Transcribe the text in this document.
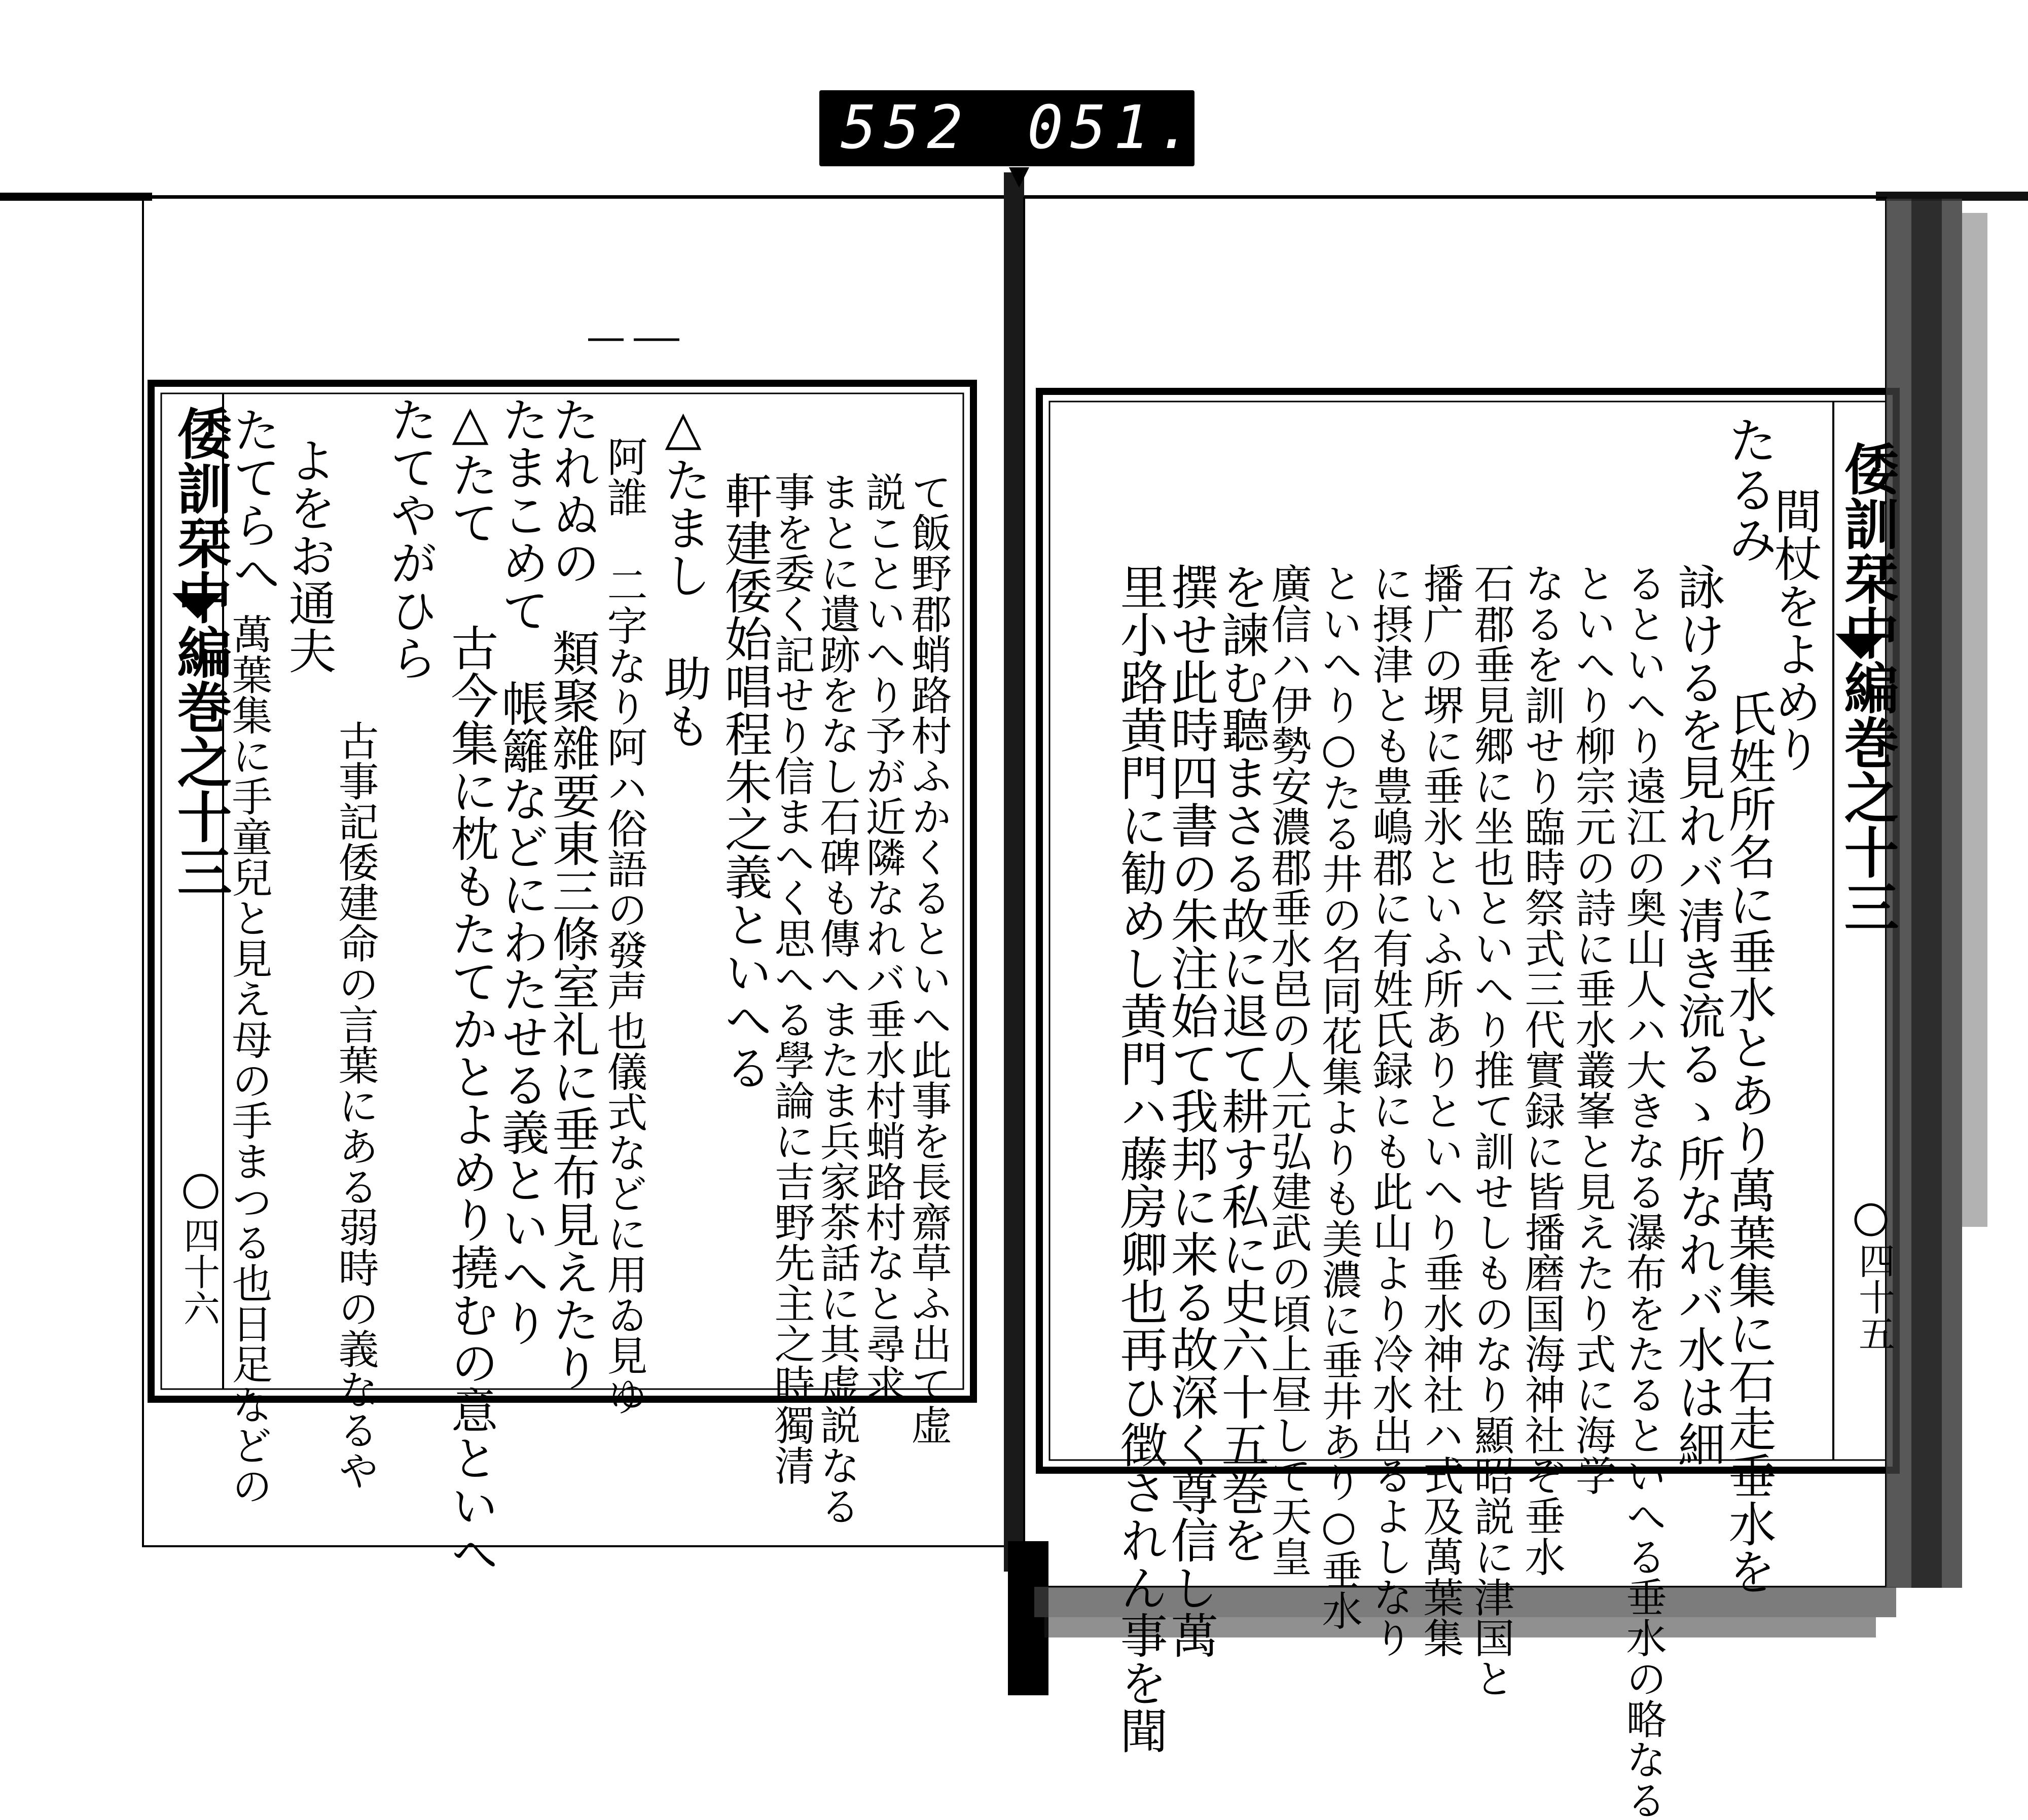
552 051.
倭訓栞中編巻之十三
四十五
たるみ
間杖をよめり
氏姓所名に垂水とあり萬葉集に石走垂水を
詠けるを見れバ清き流るゝ所なれバ水は細
るといへり遠江の奥山人ハ大きなる瀑布をたるといへる垂水の略なる
といへり柳宗元の詩に垂水叢峯と見えたり式に海学
なるを訓せり臨時祭式三代實録に皆播磨国海神社ぞ垂水
石郡垂見郷に坐也といへり推て訓せしものなり顯昭説に津国と
播广の堺に垂氷といふ所ありといへり垂水神社ハ式及萬葉集
に摂津とも豊嶋郡に有姓氏録にも此山より冷水出るよしなり
といへり○たる井の名同花集よりも美濃に垂井あり○垂水
廣信ハ伊勢安濃郡垂水邑の人元弘建武の頃上昼して天皇
を諫む聽まさる故に退て耕す私に史六十五巻を
撰せ此時四書の朱注始て我邦に来る故深く尊信し萬
里小路黄門に勧めし黄門ハ藤房卿也再ひ徴されん事を聞
倭訓栞中編巻之十三
四十六	て飯野郡蛸路村ふかくるといへ此事を長齋草ふ出て虚
説こといへり予が近隣なれバ垂水村蛸路村なと尋求
まとに遺跡をなし石碑も傳へまたま兵家茶話に其虚説なる
事を委く記せり信まへく思へる學論に吉野先主之時獨清
軒建倭始唱程朱之義といへる
△たまし 助も
阿誰 二字なり阿ハ俗語の發声也儀式などに用ゐ見ゆ
たれぬの
たまこめて
類聚雜要東三條室礼に垂布見えたり
帳籬などにわたせる義といへり
△たて
古今集に枕もたてかとよめり撓むの意といへ
たてやがひら
古事記倭建命の言葉にある弱時の義なるや
よをお通夫
たてらへ
萬葉集に手童兒と見え母の手まつる也日足などの
